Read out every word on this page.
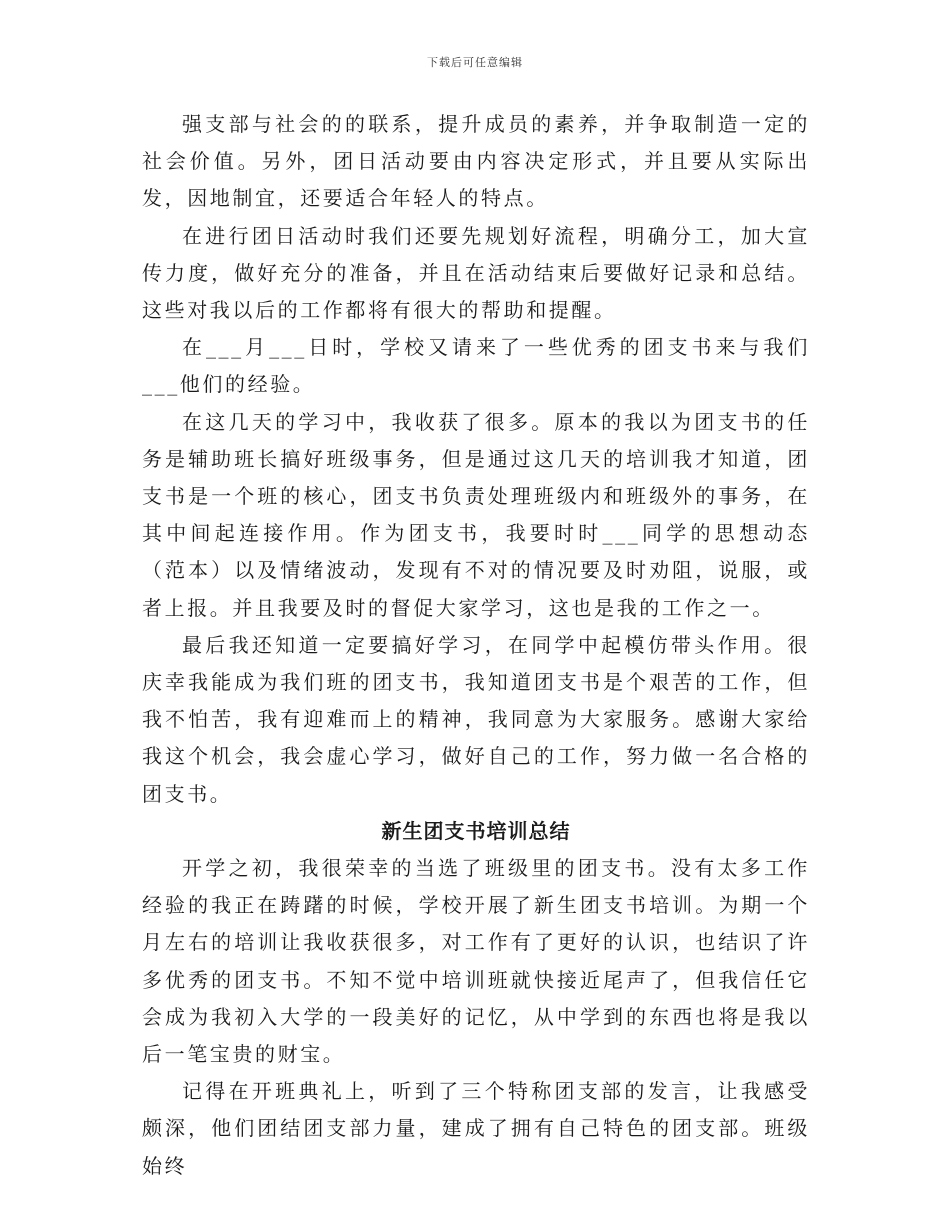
下载后可任意编辑

强支部与社会的的联系，提升成员的素养，并争取制造一定的社会价值。另外，团日活动要由内容决定形式，并且要从实际出发，因地制宜，还要适合年轻人的特点。

在进行团日活动时我们还要先规划好流程，明确分工，加大宣传力度，做好充分的准备，并且在活动结束后要做好记录和总结。这些对我以后的工作都将有很大的帮助和提醒。

在___月___日时，学校又请来了一些优秀的团支书来与我们___他们的经验。

在这几天的学习中，我收获了很多。原本的我以为团支书的任务是辅助班长搞好班级事务，但是通过这几天的培训我才知道，团支书是一个班的核心，团支书负责处理班级内和班级外的事务，在其中间起连接作用。作为团支书，我要时时___同学的思想动态（范本）以及情绪波动，发现有不对的情况要及时劝阻，说服，或者上报。并且我要及时的督促大家学习，这也是我的工作之一。

最后我还知道一定要搞好学习，在同学中起模仿带头作用。很庆幸我能成为我们班的团支书，我知道团支书是个艰苦的工作，但我不怕苦，我有迎难而上的精神，我同意为大家服务。感谢大家给我这个机会，我会虚心学习，做好自己的工作，努力做一名合格的团支书。

新生团支书培训总结

开学之初，我很荣幸的当选了班级里的团支书。没有太多工作经验的我正在踌躇的时候，学校开展了新生团支书培训。为期一个月左右的培训让我收获很多，对工作有了更好的认识，也结识了许多优秀的团支书。不知不觉中培训班就快接近尾声了，但我信任它会成为我初入大学的一段美好的记忆，从中学到的东西也将是我以后一笔宝贵的财宝。

记得在开班典礼上，听到了三个特称团支部的发言，让我感受颇深，他们团结团支部力量，建成了拥有自己特色的团支部。班级始终
